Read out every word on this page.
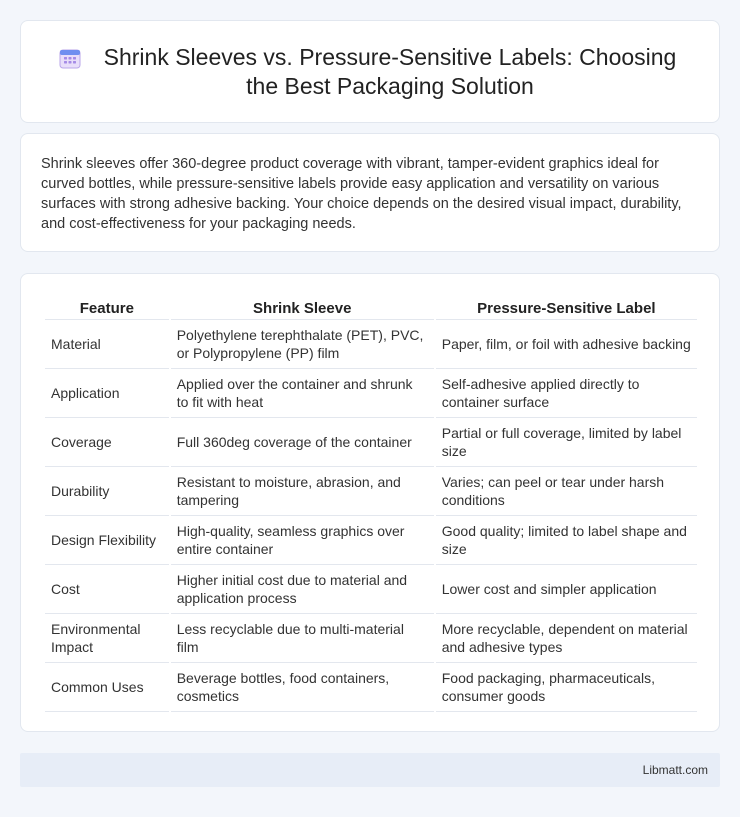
Shrink Sleeves vs. Pressure-Sensitive Labels: Choosing the Best Packaging Solution

Shrink sleeves offer 360-degree product coverage with vibrant, tamper-evident graphics ideal for curved bottles, while pressure-sensitive labels provide easy application and versatility on various surfaces with strong adhesive backing. Your choice depends on the desired visual impact, durability, and cost-effectiveness for your packaging needs.

Feature	Shrink Sleeve	Pressure-Sensitive Label
Material	Polyethylene terephthalate (PET), PVC, or Polypropylene (PP) film	Paper, film, or foil with adhesive backing
Application	Applied over the container and shrunk to fit with heat	Self-adhesive applied directly to container surface
Coverage	Full 360deg coverage of the container	Partial or full coverage, limited by label size
Durability	Resistant to moisture, abrasion, and tampering	Varies; can peel or tear under harsh conditions
Design Flexibility	High-quality, seamless graphics over entire container	Good quality; limited to label shape and size
Cost	Higher initial cost due to material and application process	Lower cost and simpler application
Environmental Impact	Less recyclable due to multi-material film	More recyclable, dependent on material and adhesive types
Common Uses	Beverage bottles, food containers, cosmetics	Food packaging, pharmaceuticals, consumer goods
Libmatt.com
